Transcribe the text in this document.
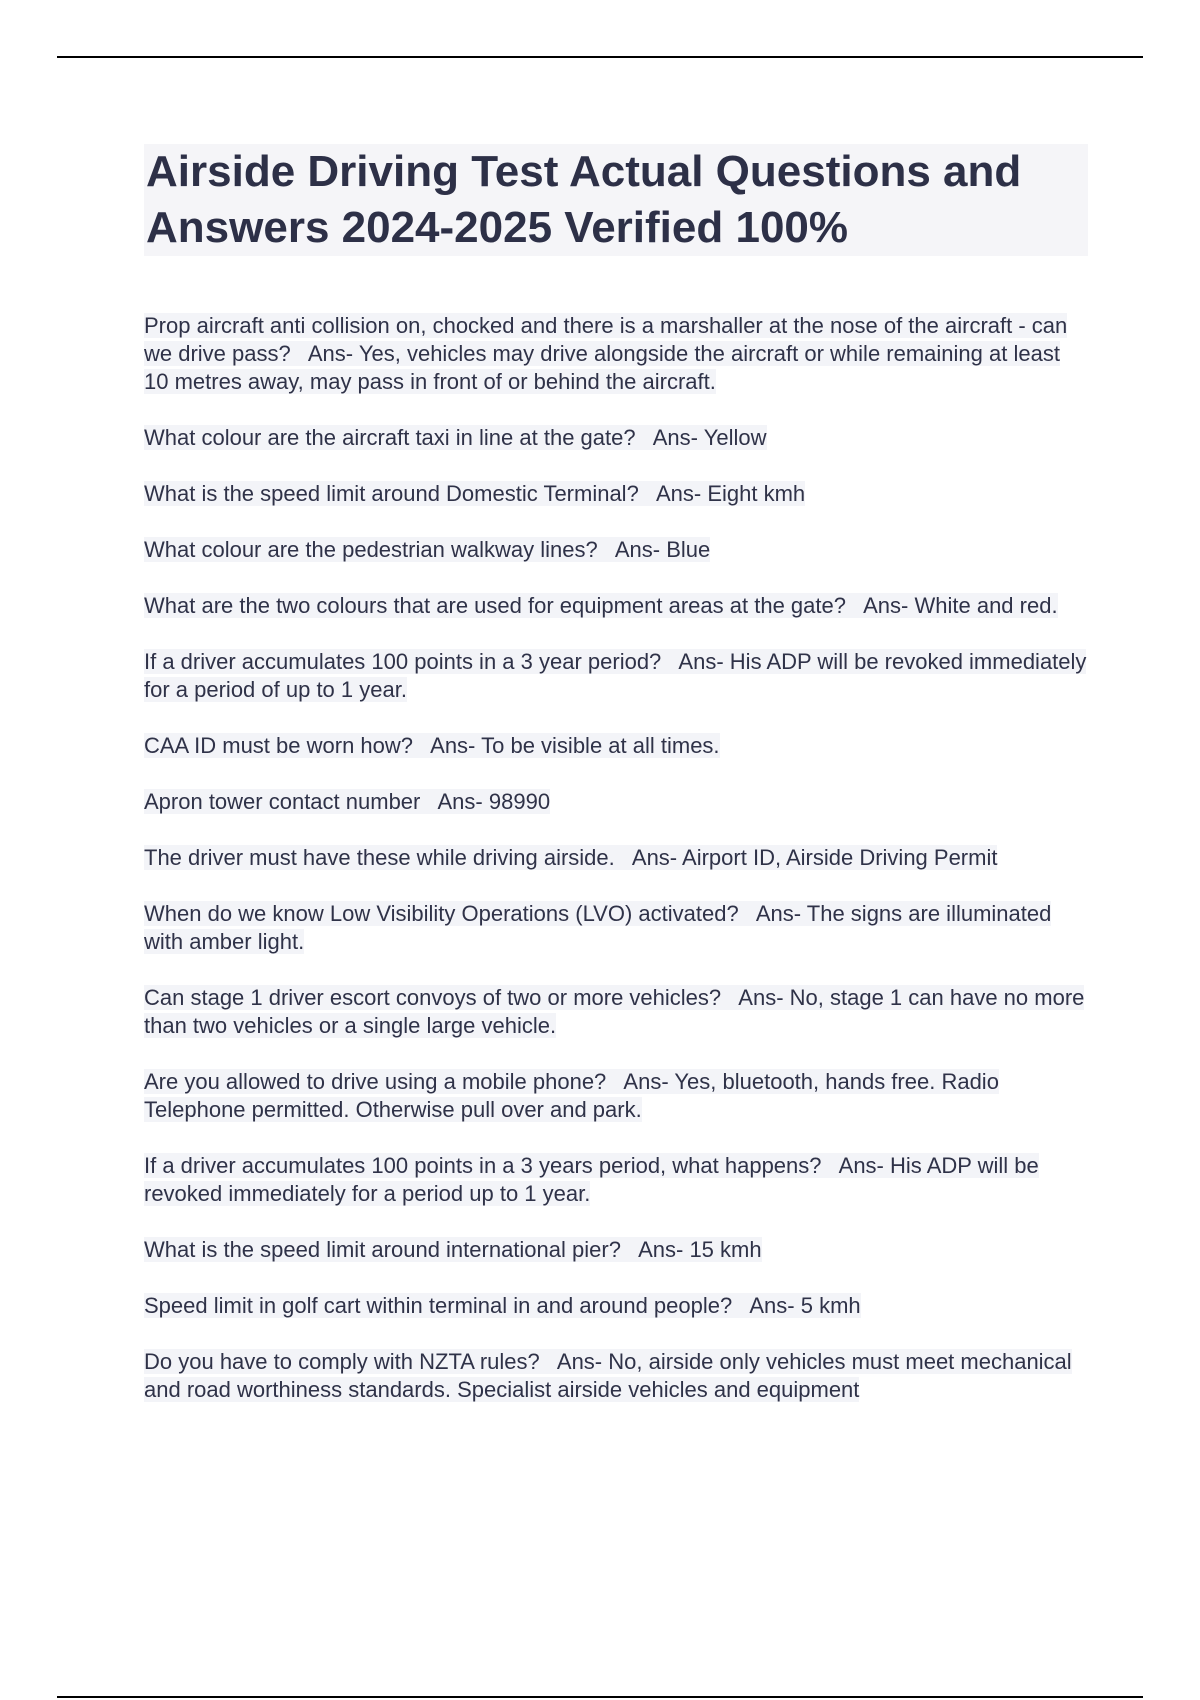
Airside Driving Test Actual Questions and Answers 2024-2025 Verified 100%

Prop aircraft anti collision on, chocked and there is a marshaller at the nose of the aircraft - can we drive pass? Ans- Yes, vehicles may drive alongside the aircraft or while remaining at least 10 metres away, may pass in front of or behind the aircraft.

What colour are the aircraft taxi in line at the gate? Ans- Yellow

What is the speed limit around Domestic Terminal? Ans- Eight kmh

What colour are the pedestrian walkway lines? Ans- Blue

What are the two colours that are used for equipment areas at the gate? Ans- White and red.

If a driver accumulates 100 points in a 3 year period? Ans- His ADP will be revoked immediately for a period of up to 1 year.

CAA ID must be worn how? Ans- To be visible at all times.

Apron tower contact number Ans- 98990

The driver must have these while driving airside. Ans- Airport ID, Airside Driving Permit

When do we know Low Visibility Operations (LVO) activated? Ans- The signs are illuminated with amber light.

Can stage 1 driver escort convoys of two or more vehicles? Ans- No, stage 1 can have no more than two vehicles or a single large vehicle.

Are you allowed to drive using a mobile phone? Ans- Yes, bluetooth, hands free. Radio Telephone permitted. Otherwise pull over and park.

If a driver accumulates 100 points in a 3 years period, what happens? Ans- His ADP will be revoked immediately for a period up to 1 year.

What is the speed limit around international pier? Ans- 15 kmh

Speed limit in golf cart within terminal in and around people? Ans- 5 kmh

Do you have to comply with NZTA rules? Ans- No, airside only vehicles must meet mechanical and road worthiness standards. Specialist airside vehicles and equipment
